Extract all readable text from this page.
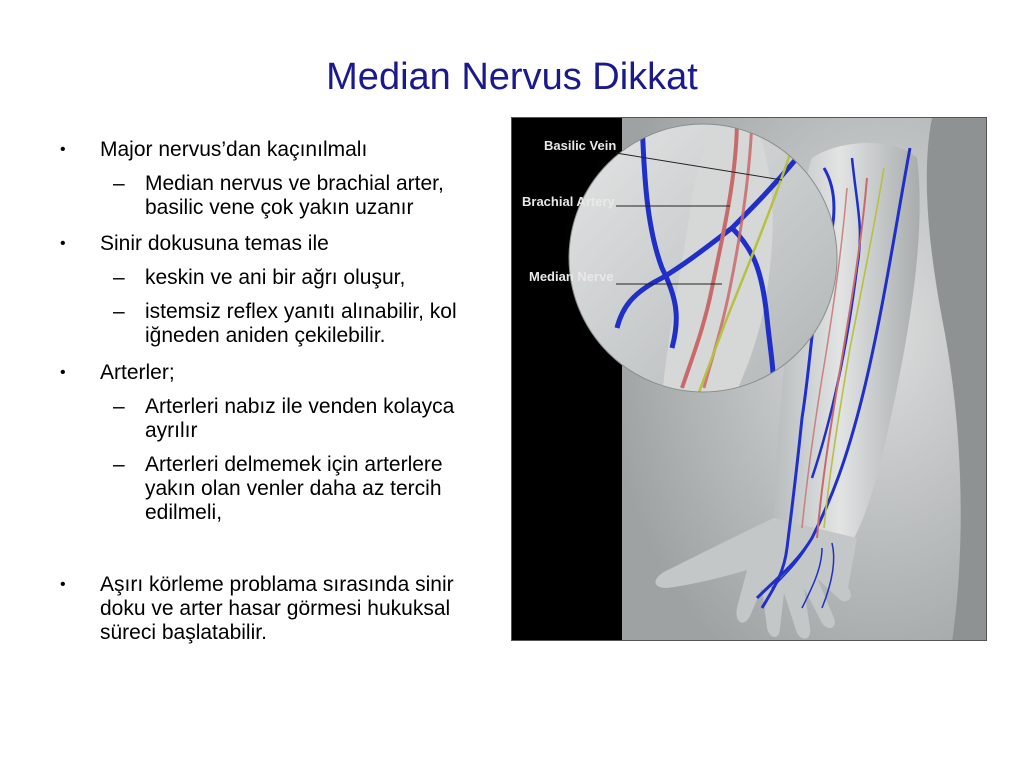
Median Nervus Dikkat
• Major nervus’dan kaçınılmalı
– Median nervus ve brachial arter, basilic vene çok yakın uzanır
• Sinir dokusuna temas ile
– keskin ve ani bir ağrı oluşur,
– istemsiz reflex yanıtı alınabilir, kol iğneden aniden çekilebilir.
• Arterler;
– Arterleri nabız ile venden kolayca ayrılır
– Arterleri delmemek için arterlere yakın olan venler daha az tercih edilmeli,
• Aşırı körleme problama sırasında sinir doku ve arter hasar görmesi hukuksal süreci başlatabilir.
Basilic Vein
Brachial Artery
Median Nerve
